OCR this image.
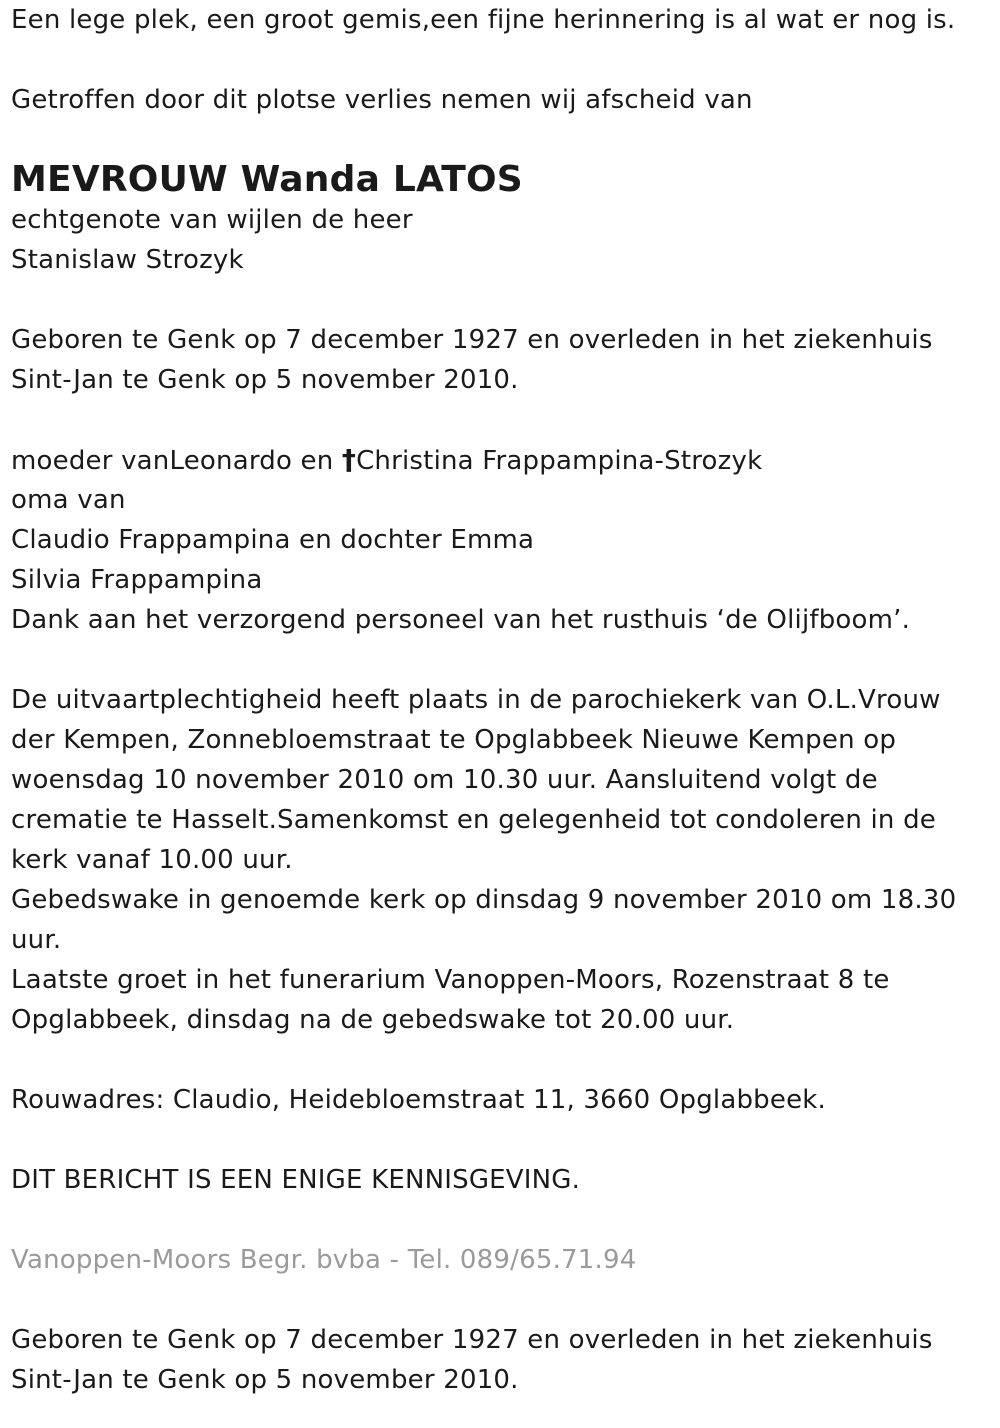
Een lege plek, een groot gemis,een fijne herinnering is al wat er nog is.
Getroffen door dit plotse verlies nemen wij afscheid van
MEVROUW Wanda LATOS
echtgenote van wijlen de heer
Stanislaw Strozyk
Geboren te Genk op 7 december 1927 en overleden in het ziekenhuis
Sint-Jan te Genk op 5 november 2010.
moeder vanLeonardo en †Christina Frappampina-Strozyk
oma van
Claudio Frappampina en dochter Emma
Silvia Frappampina
Dank aan het verzorgend personeel van het rusthuis ‘de Olijfboom’.
De uitvaartplechtigheid heeft plaats in de parochiekerk van O.L.Vrouw
der Kempen, Zonnebloemstraat te Opglabbeek Nieuwe Kempen op
woensdag 10 november 2010 om 10.30 uur. Aansluitend volgt de
crematie te Hasselt.Samenkomst en gelegenheid tot condoleren in de
kerk vanaf 10.00 uur.
Gebedswake in genoemde kerk op dinsdag 9 november 2010 om 18.30
uur.
Laatste groet in het funerarium Vanoppen-Moors, Rozenstraat 8 te
Opglabbeek, dinsdag na de gebedswake tot 20.00 uur.
Rouwadres: Claudio, Heidebloemstraat 11, 3660 Opglabbeek.
DIT BERICHT IS EEN ENIGE KENNISGEVING.
Vanoppen-Moors Begr. bvba - Tel. 089/65.71.94
Geboren te Genk op 7 december 1927 en overleden in het ziekenhuis
Sint-Jan te Genk op 5 november 2010.
